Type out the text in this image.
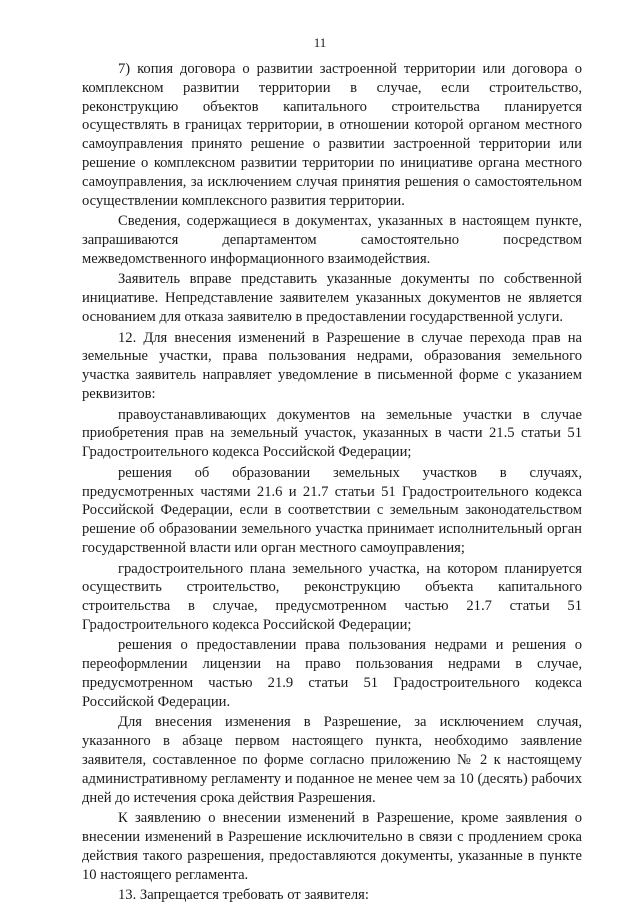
11

7) копия договора о развитии застроенной территории или договора о комплексном развитии территории в случае, если строительство, реконструкцию объектов капитального строительства планируется осуществлять в границах территории, в отношении которой органом местного самоуправления принято решение о развитии застроенной территории или решение о комплексном развитии территории по инициативе органа местного самоуправления, за исключением случая принятия решения о самостоятельном осуществлении комплексного развития территории.

Сведения, содержащиеся в документах, указанных в настоящем пункте, запрашиваются департаментом самостоятельно посредством межведомственного информационного взаимодействия.

Заявитель вправе представить указанные документы по собственной инициативе. Непредставление заявителем указанных документов не является основанием для отказа заявителю в предоставлении государственной услуги.

12. Для внесения изменений в Разрешение в случае перехода прав на земельные участки, права пользования недрами, образования земельного участка заявитель направляет уведомление в письменной форме с указанием реквизитов:

правоустанавливающих документов на земельные участки в случае приобретения прав на земельный участок, указанных в части 21.5 статьи 51 Градостроительного кодекса Российской Федерации;

решения об образовании земельных участков в случаях, предусмотренных частями 21.6 и 21.7 статьи 51 Градостроительного кодекса Российской Федерации, если в соответствии с земельным законодательством решение об образовании земельного участка принимает исполнительный орган государственной власти или орган местного самоуправления;

градостроительного плана земельного участка, на котором планируется осуществить строительство, реконструкцию объекта капитального строительства в случае, предусмотренном частью 21.7 статьи 51 Градостроительного кодекса Российской Федерации;

решения о предоставлении права пользования недрами и решения о переоформлении лицензии на право пользования недрами в случае, предусмотренном частью 21.9 статьи 51 Градостроительного кодекса Российской Федерации.

Для внесения изменения в Разрешение, за исключением случая, указанного в абзаце первом настоящего пункта, необходимо заявление заявителя, составленное по форме согласно приложению № 2 к настоящему административному регламенту и поданное не менее чем за 10 (десять) рабочих дней до истечения срока действия Разрешения.

К заявлению о внесении изменений в Разрешение, кроме заявления о внесении изменений в Разрешение исключительно в связи с продлением срока действия такого разрешения, предоставляются документы, указанные в пункте 10 настоящего регламента.

13. Запрещается требовать от заявителя:
